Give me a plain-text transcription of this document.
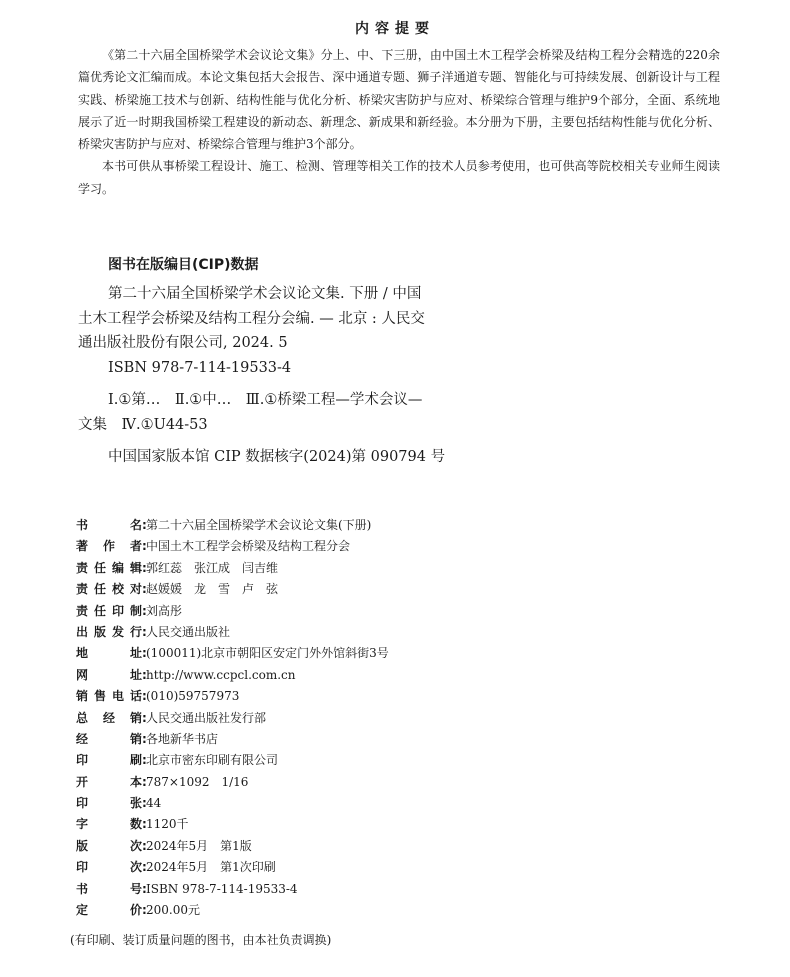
内容提要

《第二十六届全国桥梁学术会议论文集》分上、中、下三册，由中国土木工程学会桥梁及结构工程分会精选的220余篇优秀论文汇编而成。本论文集包括大会报告、深中通道专题、狮子洋通道专题、智能化与可持续发展、创新设计与工程实践、桥梁施工技术与创新、结构性能与优化分析、桥梁灾害防护与应对、桥梁综合管理与维护9个部分，全面、系统地展示了近一时期我国桥梁工程建设的新动态、新理念、新成果和新经验。本分册为下册，主要包括结构性能与优化分析、桥梁灾害防护与应对、桥梁综合管理与维护3个部分。

本书可供从事桥梁工程设计、施工、检测、管理等相关工作的技术人员参考使用，也可供高等院校相关专业师生阅读学习。

图书在版编目(CIP)数据
第二十六届全国桥梁学术会议论文集. 下册 / 中国
土木工程学会桥梁及结构工程分会编. — 北京 : 人民交
通出版社股份有限公司, 2024. 5
ISBN 978-7-114-19533-4
Ⅰ.①第…　Ⅱ.①中…　Ⅲ.①桥梁工程—学术会议—
文集　Ⅳ.①U44-53
中国国家版本馆 CIP 数据核字(2024)第 090794 号
书名:第二十六届全国桥梁学术会议论文集(下册)
著作者:中国土木工程学会桥梁及结构工程分会
责任编辑:郭红蕊　张江成　闫吉维
责任校对:赵媛媛　龙　雪　卢　弦
责任印制:刘高彤
出版发行:人民交通出版社
地址:(100011)北京市朝阳区安定门外外馆斜街3号
网址:http://www.ccpcl.com.cn
销售电话:(010)59757973
总经销:人民交通出版社发行部
经销:各地新华书店
印刷:北京市密东印刷有限公司
开本:787×1092　1/16
印张:44
字数:1120千
版次:2024年5月　第1版
印次:2024年5月　第1次印刷
书号:ISBN 978-7-114-19533-4
定价:200.00元
(有印刷、装订质量问题的图书，由本社负责调换)
